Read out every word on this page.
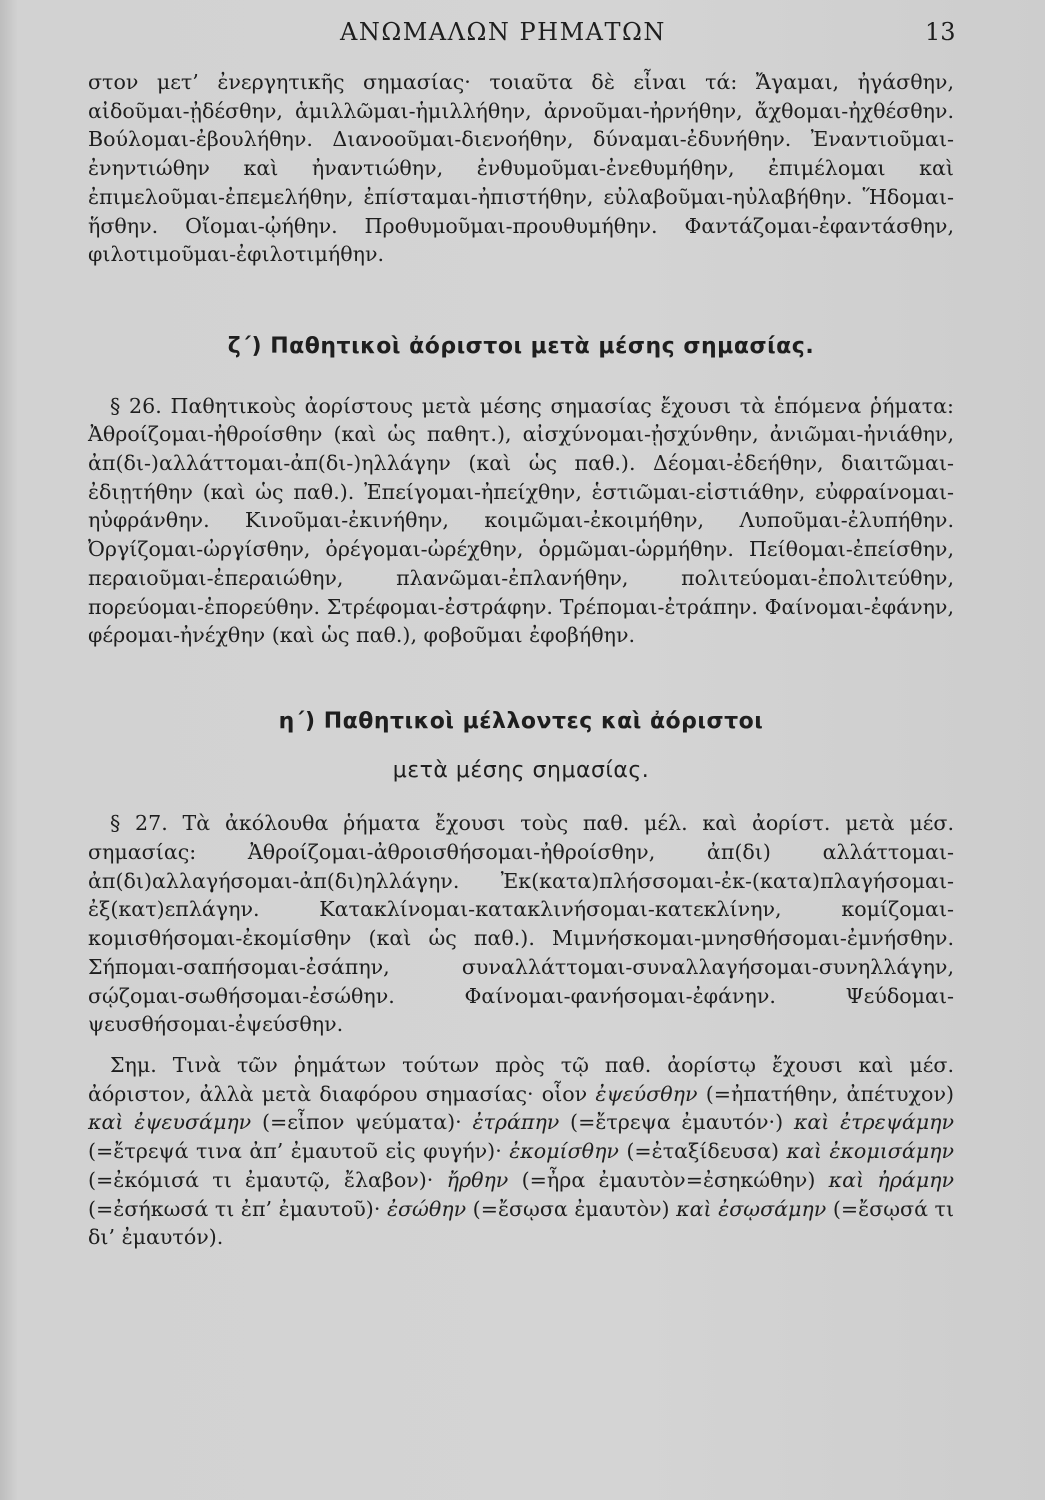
ΑΝΩΜΑΛΩΝ ΡΗΜΑΤΩΝ	13

στον μετ’ ἐνεργητικῆς σημασίας· τοιαῦτα δὲ εἶναι τά: Ἄγαμαι, ἠγάσθην, αἰδοῦμαι-ᾐδέσθην, ἁμιλλῶμαι-ἡμιλλήθην, ἀρνοῦμαι-ἠρνήθην, ἄχθομαι-ἠχθέσθην. Βούλομαι-ἐβουλήθην. Διανοοῦμαι-διενοήθην, δύναμαι-ἐδυνήθην. Ἐναντιοῦμαι-ἐνηντιώθην καὶ ἠναντιώθην, ἐνθυμοῦμαι-ἐνεθυμήθην, ἐπιμέλομαι καὶ ἐπιμελοῦμαι-ἐπεμελήθην, ἐπίσταμαι-ἠπιστήθην, εὐλαβοῦμαι-ηὐλαβήθην. Ἥδομαι-ἥσθην. Οἴομαι-ᾠήθην. Προθυμοῦμαι-προυθυμήθην. Φαντάζομαι-ἐφαντάσθην, φιλοτιμοῦμαι-ἐφιλοτιμήθην.

ζ΄) Παθητικοὶ ἀόριστοι μετὰ μέσης σημασίας.

§ 26. Παθητικοὺς ἀορίστους μετὰ μέσης σημασίας ἔχουσι τὰ ἑπόμενα ῥήματα: Ἀθροίζομαι-ἠθροίσθην (καὶ ὡς παθητ.), αἰσχύνομαι-ᾐσχύνθην, ἀνιῶμαι-ἠνιάθην, ἀπ(δι-)αλλάττομαι-ἀπ(δι-)ηλλάγην (καὶ ὡς παθ.). Δέομαι-ἐδεήθην, διαιτῶμαι-ἐδιῃτήθην (καὶ ὡς παθ.). Ἐπείγομαι-ἠπείχθην, ἑστιῶμαι-εἱστιάθην, εὐφραίνομαι-ηὐφράνθην. Κινοῦμαι-ἐκινήθην, κοιμῶμαι-ἐκοιμήθην, Λυποῦμαι-ἐλυπήθην. Ὀργίζομαι-ὠργίσθην, ὀρέγομαι-ὠρέχθην, ὁρμῶμαι-ὡρμήθην. Πείθομαι-ἐπείσθην, περαιοῦμαι-ἐπεραιώθην, πλανῶμαι-ἐπλανήθην, πολιτεύομαι-ἐπολιτεύθην, πορεύομαι-ἐπορεύθην. Στρέφομαι-ἐστράφην. Τρέπομαι-ἐτράπην. Φαίνομαι-ἐφάνην, φέρομαι-ἠνέχθην (καὶ ὡς παθ.), φοβοῦμαι ἐφοβήθην.

η΄) Παθητικοὶ μέλλοντες καὶ ἀόριστοι
μετὰ μέσης σημασίας.

§ 27. Τὰ ἀκόλουθα ῥήματα ἔχουσι τοὺς παθ. μέλ. καὶ ἀορίστ. μετὰ μέσ. σημασίας: Ἀθροίζομαι-ἀθροισθήσομαι-ἠθροίσθην, ἀπ(δι) αλλάττομαι-ἀπ(δι)αλλαγήσομαι-ἀπ(δι)ηλλάγην. Ἐκ(κατα)πλήσσομαι-ἐκ-(κατα)πλαγήσομαι-ἐξ(κατ)επλάγην. Κατακλίνομαι-κατακλινήσομαι-κατεκλίνην, κομίζομαι-κομισθήσομαι-ἐκομίσθην (καὶ ὡς παθ.). Μιμνήσκομαι-μνησθήσομαι-ἐμνήσθην. Σήπομαι-σαπήσομαι-ἐσάπην, συναλλάττομαι-συναλλαγήσομαι-συνηλλάγην, σῴζομαι-σωθήσομαι-ἐσώθην. Φαίνομαι-φανήσομαι-ἐφάνην. Ψεύδομαι-ψευσθήσομαι-ἐψεύσθην.

Σημ. Τινὰ τῶν ῥημάτων τούτων πρὸς τῷ παθ. ἀορίστῳ ἔχουσι καὶ μέσ. ἀόριστον, ἀλλὰ μετὰ διαφόρου σημασίας· οἷον ἐψεύσθην (=ἠπατήθην, ἀπέτυχον) καὶ ἐψευσάμην (=εἶπον ψεύματα)· ἐτράπην (=ἔτρεψα ἐμαυτόν·) καὶ ἐτρεψάμην (=ἔτρεψά τινα ἀπ’ ἐμαυτοῦ εἰς φυγήν)· ἐκομίσθην (=ἐταξίδευσα) καὶ ἐκομισάμην (=ἐκόμισά τι ἐμαυτῷ, ἔλαβον)· ἤρθην (=ἦρα ἐμαυτὸν=ἐσηκώθην) καὶ ἠράμην (=ἐσήκωσά τι ἐπ’ ἐμαυτοῦ)· ἐσώθην (=ἔσῳσα ἐμαυτὸν) καὶ ἐσῳσάμην (=ἔσῳσά τι δι’ ἐμαυτόν).
